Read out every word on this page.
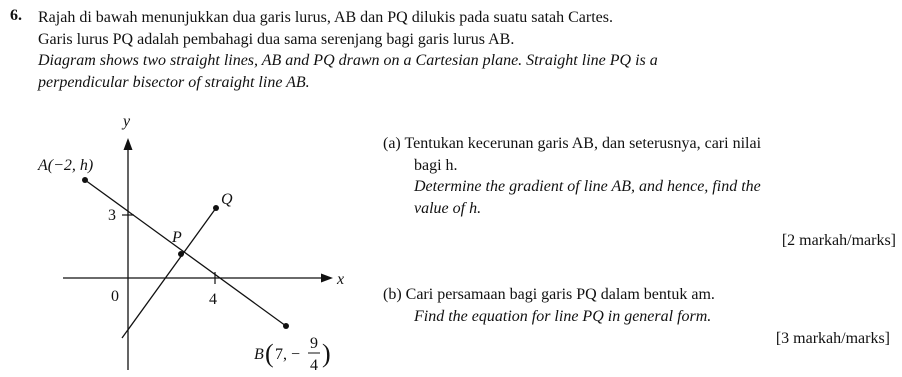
6. Rajah di bawah menunjukkan dua garis lurus, AB dan PQ dilukis pada suatu satah Cartes.
Garis lurus PQ adalah pembahagi dua sama serenjang bagi garis lurus AB.
Diagram shows two straight lines, AB and PQ drawn on a Cartesian plane. Straight line PQ is a
perpendicular bisector of straight line AB.
y
x
0
3
4
A(−2, h)
Q
P
B ( 7, −
9
4 )
(a) Tentukan kecerunan garis AB, dan seterusnya, cari nilai
bagi h.
Determine the gradient of line AB, and hence, find the
value of h.
[2 markah/marks]
(b) Cari persamaan bagi garis PQ dalam bentuk am.
Find the equation for line PQ in general form.
[3 markah/marks]
